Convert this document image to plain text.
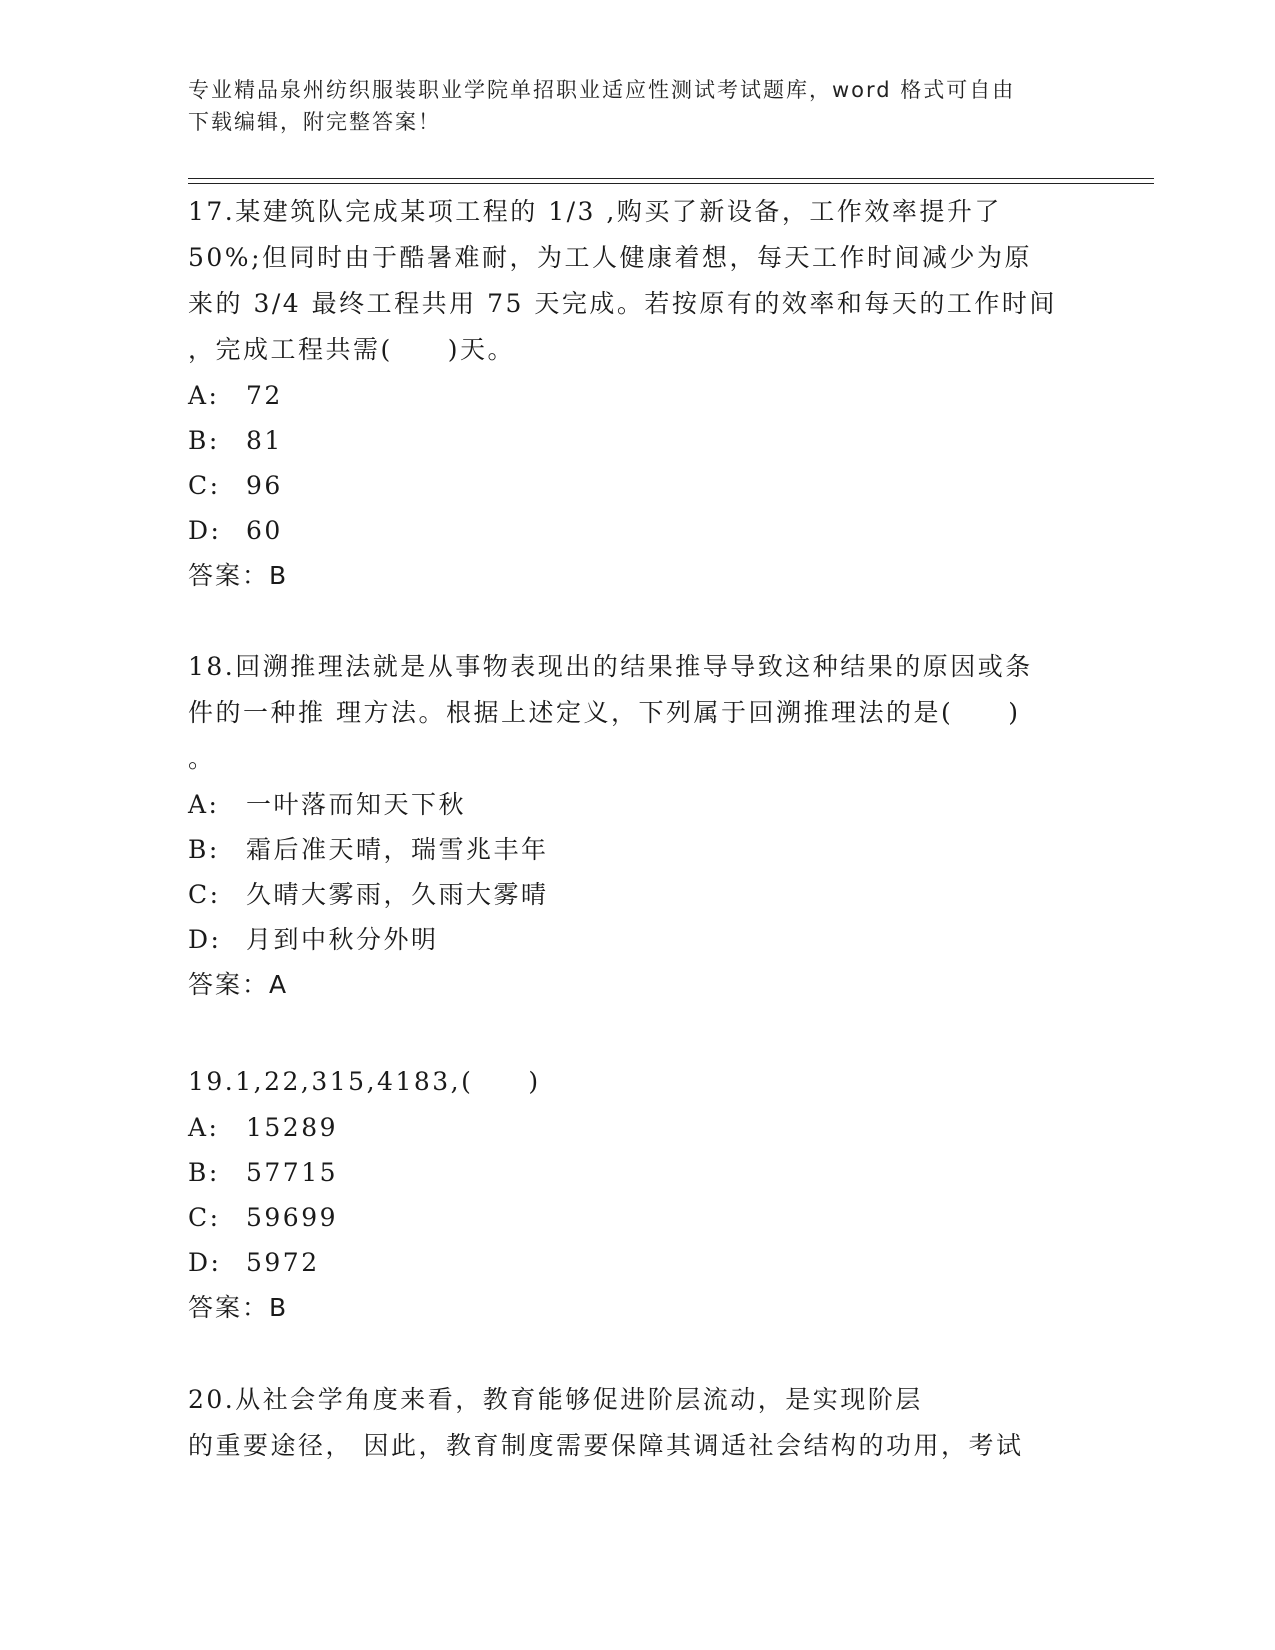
专业精品泉州纺织服装职业学院单招职业适应性测试考试题库，word 格式可自由
下载编辑，附完整答案！
17.某建筑队完成某项工程的 1/3 ,购买了新设备，工作效率提升了
50%;但同时由于酷暑难耐，为工人健康着想，每天工作时间减少为原
来的 3/4 最终工程共用 75 天完成。若按原有的效率和每天的工作时间
，完成工程共需(　　)天。
A: 72
B: 81
C: 96
D: 60
答案：B
18.回溯推理法就是从事物表现出的结果推导导致这种结果的原因或条
件的一种推 理方法。根据上述定义，下列属于回溯推理法的是(　　)
。
A: 一叶落而知天下秋
B: 霜后准天晴，瑞雪兆丰年
C: 久晴大雾雨，久雨大雾晴
D: 月到中秋分外明
答案：A
19.1,22,315,4183,(　　)
A: 15289
B: 57715
C: 59699
D: 5972
答案：B
20.从社会学角度来看，教育能够促进阶层流动，是实现阶层
的重要途径， 因此，教育制度需要保障其调适社会结构的功用，考试
